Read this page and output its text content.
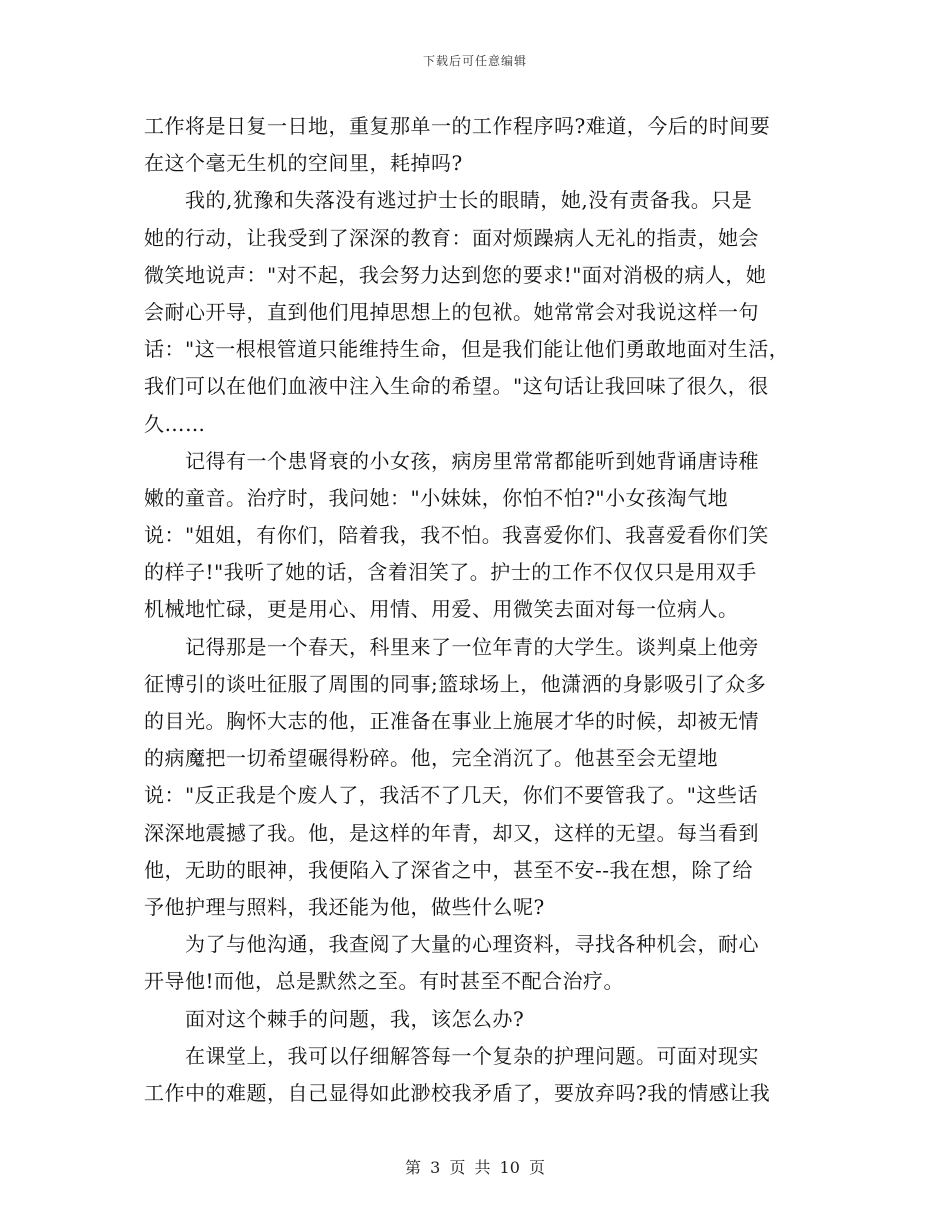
下载后可任意编辑
工作将是日复一日地，重复那单一的工作程序吗?难道，今后的时间要
在这个毫无生机的空间里，耗掉吗?
　　我的,犹豫和失落没有逃过护士长的眼睛，她,没有责备我。只是
她的行动，让我受到了深深的教育：面对烦躁病人无礼的指责，她会
微笑地说声："对不起，我会努力达到您的要求!"面对消极的病人，她
会耐心开导，直到他们甩掉思想上的包袱。她常常会对我说这样一句
话："这一根根管道只能维持生命，但是我们能让他们勇敢地面对生活，
我们可以在他们血液中注入生命的希望。"这句话让我回味了很久，很
久……
　　记得有一个患肾衰的小女孩，病房里常常都能听到她背诵唐诗稚
嫩的童音。治疗时，我问她："小妹妹，你怕不怕?"小女孩淘气地
说："姐姐，有你们，陪着我，我不怕。我喜爱你们、我喜爱看你们笑
的样子!"我听了她的话，含着泪笑了。护士的工作不仅仅只是用双手
机械地忙碌，更是用心、用情、用爱、用微笑去面对每一位病人。
　　记得那是一个春天，科里来了一位年青的大学生。谈判桌上他旁
征博引的谈吐征服了周围的同事;篮球场上，他潇洒的身影吸引了众多
的目光。胸怀大志的他，正准备在事业上施展才华的时候，却被无情
的病魔把一切希望碾得粉碎。他，完全消沉了。他甚至会无望地
说："反正我是个废人了，我活不了几天，你们不要管我了。"这些话
深深地震撼了我。他，是这样的年青，却又，这样的无望。每当看到
他，无助的眼神，我便陷入了深省之中，甚至不安--我在想，除了给
予他护理与照料，我还能为他，做些什么呢?
　　为了与他沟通，我查阅了大量的心理资料，寻找各种机会，耐心
开导他!而他，总是默然之至。有时甚至不配合治疗。
　　面对这个棘手的问题，我，该怎么办?
　　在课堂上，我可以仔细解答每一个复杂的护理问题。可面对现实
工作中的难题，自己显得如此渺校我矛盾了，要放弃吗?我的情感让我
第 3 页 共 10 页
